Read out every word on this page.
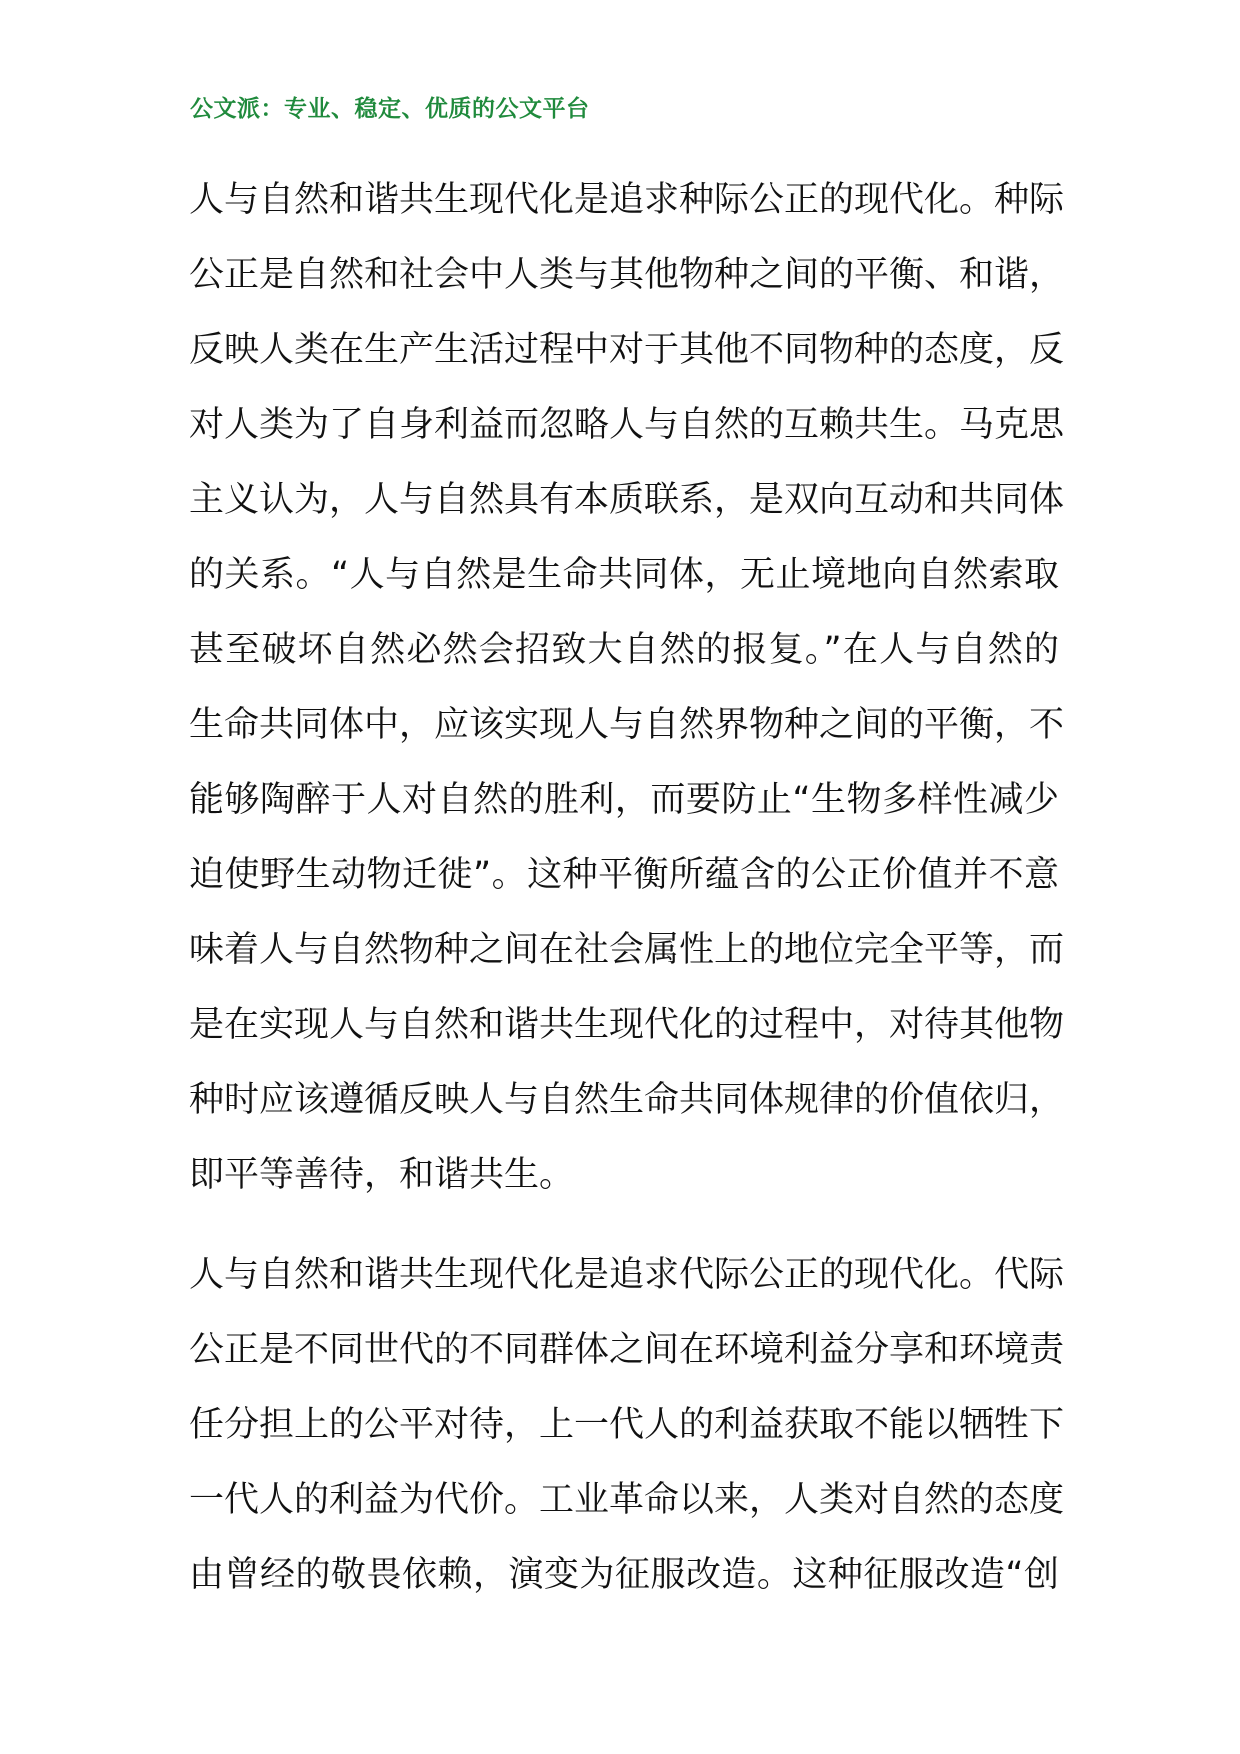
公文派：专业、稳定、优质的公文平台
人与自然和谐共生现代化是追求种际公正的现代化。种际
公正是自然和社会中人类与其他物种之间的平衡、和谐，
反映人类在生产生活过程中对于其他不同物种的态度，反
对人类为了自身利益而忽略人与自然的互赖共生。马克思
主义认为，人与自然具有本质联系，是双向互动和共同体
的关系。“人与自然是生命共同体，无止境地向自然索取
甚至破坏自然必然会招致大自然的报复。”在人与自然的
生命共同体中，应该实现人与自然界物种之间的平衡，不
能够陶醉于人对自然的胜利，而要防止“生物多样性减少
迫使野生动物迁徙”。这种平衡所蕴含的公正价值并不意
味着人与自然物种之间在社会属性上的地位完全平等，而
是在实现人与自然和谐共生现代化的过程中，对待其他物
种时应该遵循反映人与自然生命共同体规律的价值依归，
即平等善待，和谐共生。
人与自然和谐共生现代化是追求代际公正的现代化。代际
公正是不同世代的不同群体之间在环境利益分享和环境责
任分担上的公平对待，上一代人的利益获取不能以牺牲下
一代人的利益为代价。工业革命以来，人类对自然的态度
由曾经的敬畏依赖，演变为征服改造。这种征服改造“创
